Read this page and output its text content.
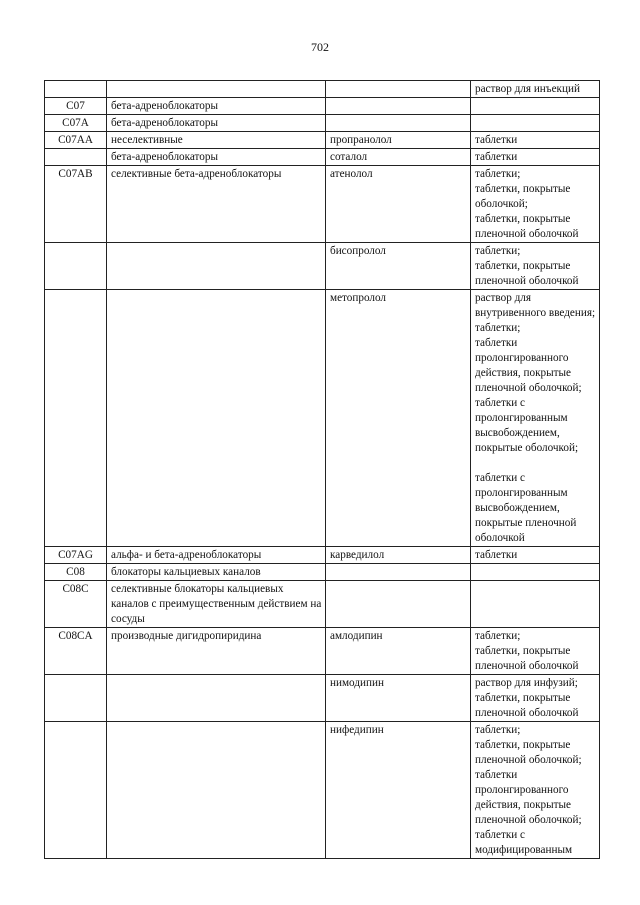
702
			раствор для инъекций
C07	бета-адреноблокаторы		
C07A	бета-адреноблокаторы		
C07AA	неселективные	пропранолол	таблетки
	бета-адреноблокаторы	соталол	таблетки
C07AB	селективные бета-адреноблокаторы	атенолол	таблетки;
таблетки, покрытые оболочкой;
таблетки, покрытые пленочной оболочкой
		бисопролол	таблетки;
таблетки, покрытые пленочной оболочкой
		метопролол	раствор для внутривенного введения;
таблетки;
таблетки пролонгированного действия, покрытые пленочной оболочкой;
таблетки с пролонгированным высвобождением, покрытые оболочкой;

таблетки с пролонгированным высвобождением, покрытые пленочной оболочкой
C07AG	альфа- и бета-адреноблокаторы	карведилол	таблетки
C08	блокаторы кальциевых каналов		
C08C	селективные блокаторы кальциевых каналов с преимущественным действием на сосуды		
C08CA	производные дигидропиридина	амлодипин	таблетки;
таблетки, покрытые пленочной оболочкой
		нимодипин	раствор для инфузий;
таблетки, покрытые пленочной оболочкой
		нифедипин	таблетки;
таблетки, покрытые пленочной оболочкой;
таблетки пролонгированного действия, покрытые пленочной оболочкой;
таблетки с модифицированным
